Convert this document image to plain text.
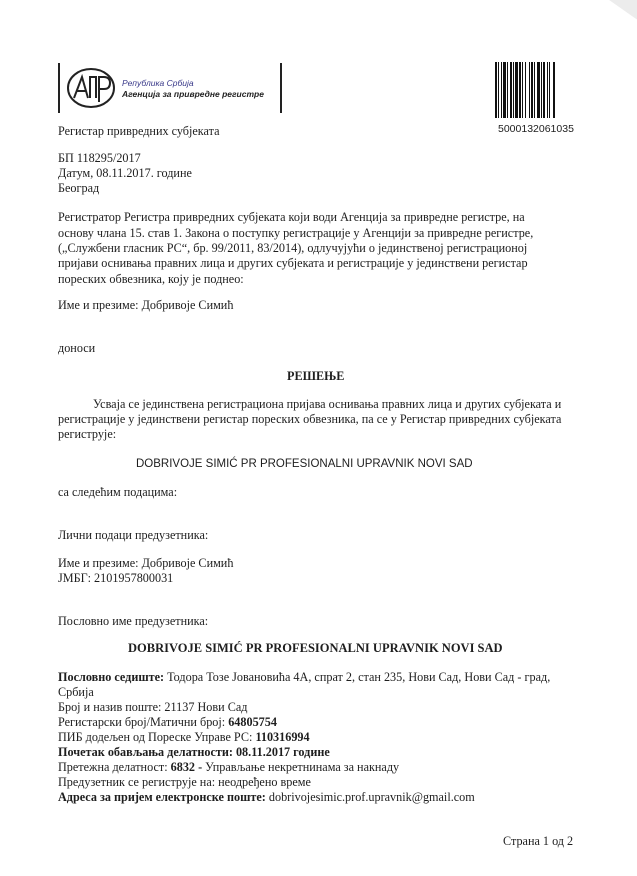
Република Србија
Агенција за привредне регистре
5000132061035
Регистар привредних субјеката
БП 118295/2017
Датум, 08.11.2017. године
Београд
Регистратор Регистра привредних субјеката који води Агенција за привредне регистре, на
основу члана 15. став 1. Закона о поступку регистрације у Агенцији за привредне регистре,
(„Службени гласник РС“, бр. 99/2011, 83/2014), одлучујући о јединственој регистрационој
пријави оснивања правних лица и других субјеката и регистрације у јединствени регистар
пореских обвезника, коју је поднео:
Име и презиме: Добривоје Симић
доноси
РЕШЕЊЕ
Усваја се јединствена регистрациона пријава оснивања правних лица и других субјеката и
регистрације у јединствени регистар пореских обвезника, па се у Регистар привредних субјеката
региструје:
DOBRIVOJE SIMIĆ PR PROFESIONALNI UPRAVNIK NOVI SAD
са следећим подацима:
Лични подаци предузетника:
Име и презиме: Добривоје Симић
ЈМБГ: 2101957800031
Пословно име предузетника:
DOBRIVOJE SIMIĆ PR PROFESIONALNI UPRAVNIK NOVI SAD
Пословно седиште: Тодора Тозе Јовановића 4А, спрат 2, стан 235, Нови Сад, Нови Сад - град,
Србија
Број и назив поште: 21137 Нови Сад
Регистарски број/Матични број: 64805754
ПИБ додељен од Пореске Управе РС: 110316994
Почетак обављања делатности: 08.11.2017 године
Претежна делатност: 6832 - Управљање некретнинама за накнаду
Предузетник се региструје на: неодређено време
Адреса за пријем електронске поште: dobrivojesimic.prof.upravnik@gmail.com
Страна 1 од 2
